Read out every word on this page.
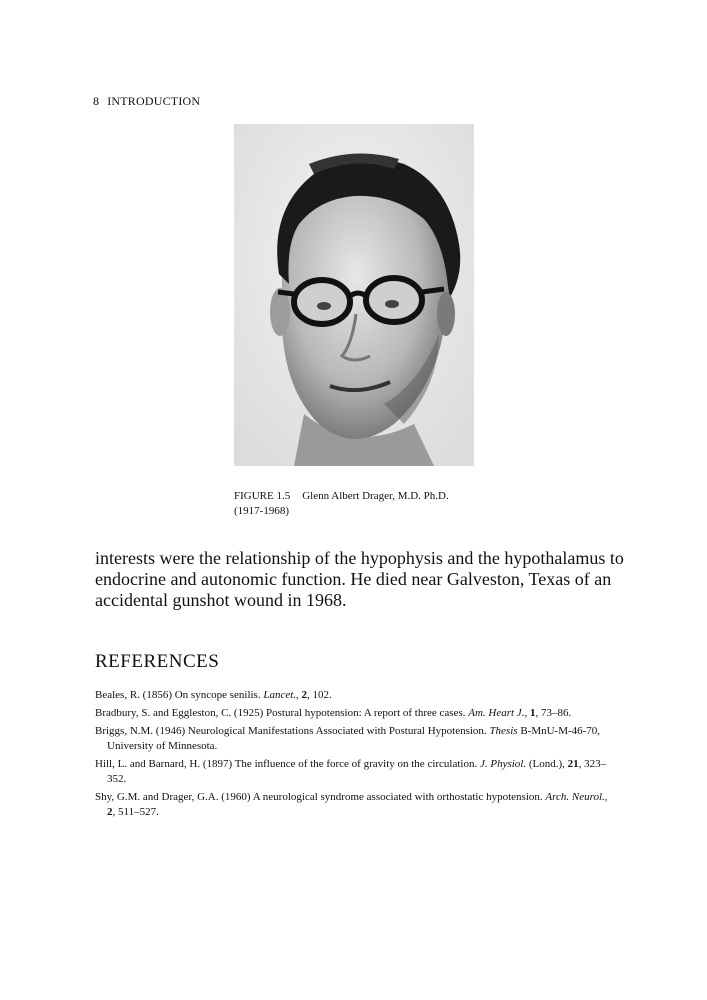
8 INTRODUCTION
FIGURE 1.5 Glenn Albert Drager, M.D. Ph.D.
(1917-1968)

interests were the relationship of the hypophysis and the hypothalamus to endocrine and autonomic function. He died near Galveston, Texas of an accidental gunshot wound in 1968.

REFERENCES

Beales, R. (1856) On syncope senilis. Lancet., 2, 102.

Bradbury, S. and Eggleston, C. (1925) Postural hypotension: A report of three cases. Am. Heart J., 1, 73–86.

Briggs, N.M. (1946) Neurological Manifestations Associated with Postural Hypotension. Thesis B-MnU-M-46-70, University of Minnesota.

Hill, L. and Barnard, H. (1897) The influence of the force of gravity on the circulation. J. Physiol. (Lond.), 21, 323–352.

Shy, G.M. and Drager, G.A. (1960) A neurological syndrome associated with orthostatic hypotension. Arch. Neurol., 2, 511–527.
